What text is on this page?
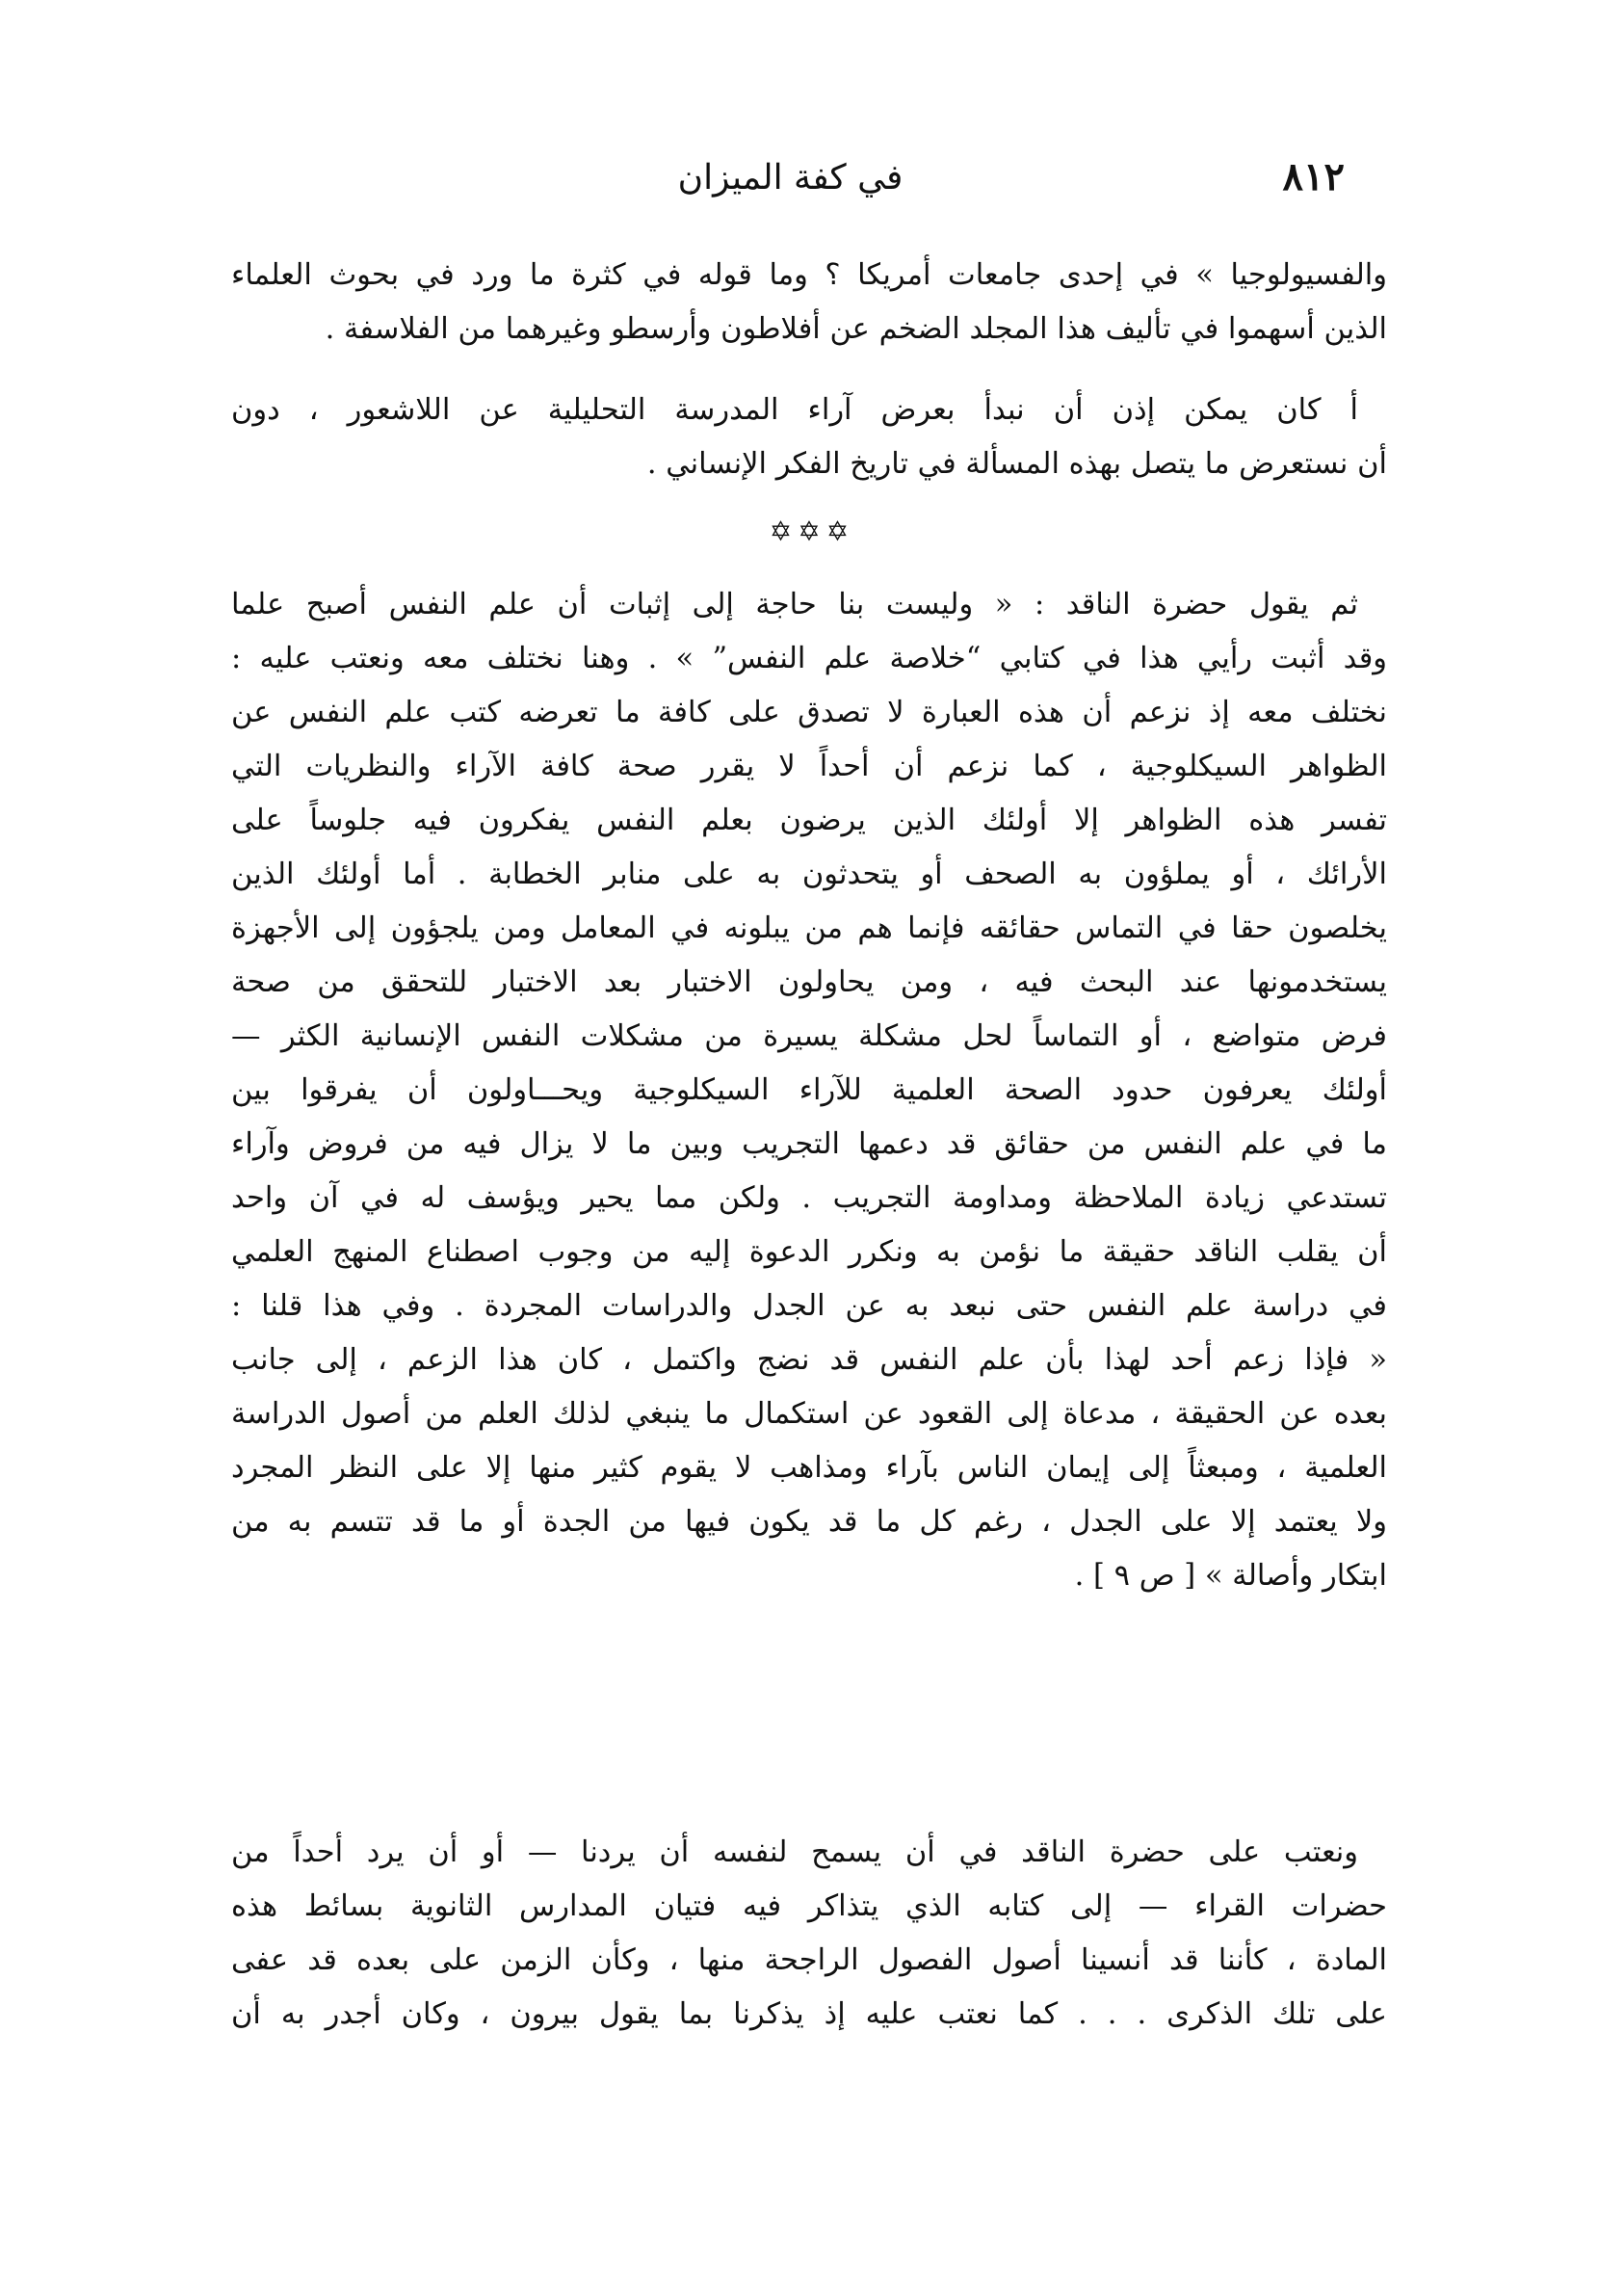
٨١٢
في كفة الميزان
والفسيولوجيا » في إحدى جامعات أمريكا ؟ وما قوله في كثرة ما ورد في بحوث العلماء
الذين أسهموا في تأليف هذا المجلد الضخم عن أفلاطون وأرسطو وغيرهما من الفلاسفة .
أ كان يمكن إذن أن نبدأ بعرض آراء المدرسة التحليلية عن اللاشعور ، دون
أن نستعرض ما يتصل بهذه المسألة في تاريخ الفكر الإنساني .
✡✡✡
ثم يقول حضرة الناقد : « وليست بنا حاجة إلى إثبات أن علم النفس أصبح علما
وقد أثبت رأيي هذا في كتابي “خلاصة علم النفس” » . وهنا نختلف معه ونعتب عليه :
نختلف معه إذ نزعم أن هذه العبارة لا تصدق على كافة ما تعرضه كتب علم النفس عن
الظواهر السيكلوجية ، كما نزعم أن أحداً لا يقرر صحة كافة الآراء والنظريات التي
تفسر هذه الظواهر إلا أولئك الذين يرضون بعلم النفس يفكرون فيه جلوساً على
الأرائك ، أو يملؤون به الصحف أو يتحدثون به على منابر الخطابة . أما أولئك الذين
يخلصون حقا في التماس حقائقه فإنما هم من يبلونه في المعامل ومن يلجؤون إلى الأجهزة
يستخدمونها عند البحث فيه ، ومن يحاولون الاختبار بعد الاختبار للتحقق من صحة
فرض متواضع ، أو التماساً لحل مشكلة يسيرة من مشكلات النفس الإنسانية الكثر —
أولئك يعرفون حدود الصحة العلمية للآراء السيكلوجية ويحـــاولون أن يفرقوا بين
ما في علم النفس من حقائق قد دعمها التجريب وبين ما لا يزال فيه من فروض وآراء
تستدعي زيادة الملاحظة ومداومة التجريب . ولكن مما يحير ويؤسف له في آن واحد
أن يقلب الناقد حقيقة ما نؤمن به ونكرر الدعوة إليه من وجوب اصطناع المنهج العلمي
في دراسة علم النفس حتى نبعد به عن الجدل والدراسات المجردة . وفي هذا قلنا :
« فإذا زعم أحد لهذا بأن علم النفس قد نضج واكتمل ، كان هذا الزعم ، إلى جانب
بعده عن الحقيقة ، مدعاة إلى القعود عن استكمال ما ينبغي لذلك العلم من أصول الدراسة
العلمية ، ومبعثاً إلى إيمان الناس بآراء ومذاهب لا يقوم كثير منها إلا على النظر المجرد
ولا يعتمد إلا على الجدل ، رغم كل ما قد يكون فيها من الجدة أو ما قد تتسم به من
ابتكار وأصالة » [ ص ٩ ] .
ونعتب على حضرة الناقد في أن يسمح لنفسه أن يردنا — أو أن يرد أحداً من
حضرات القراء — إلى كتابه الذي يتذاكر فيه فتيان المدارس الثانوية بسائط هذه
المادة ، كأننا قد أنسينا أصول الفصول الراجحة منها ، وكأن الزمن على بعده قد عفى
على تلك الذكرى . . . كما نعتب عليه إذ يذكرنا بما يقول بيرون ، وكان أجدر به أن
